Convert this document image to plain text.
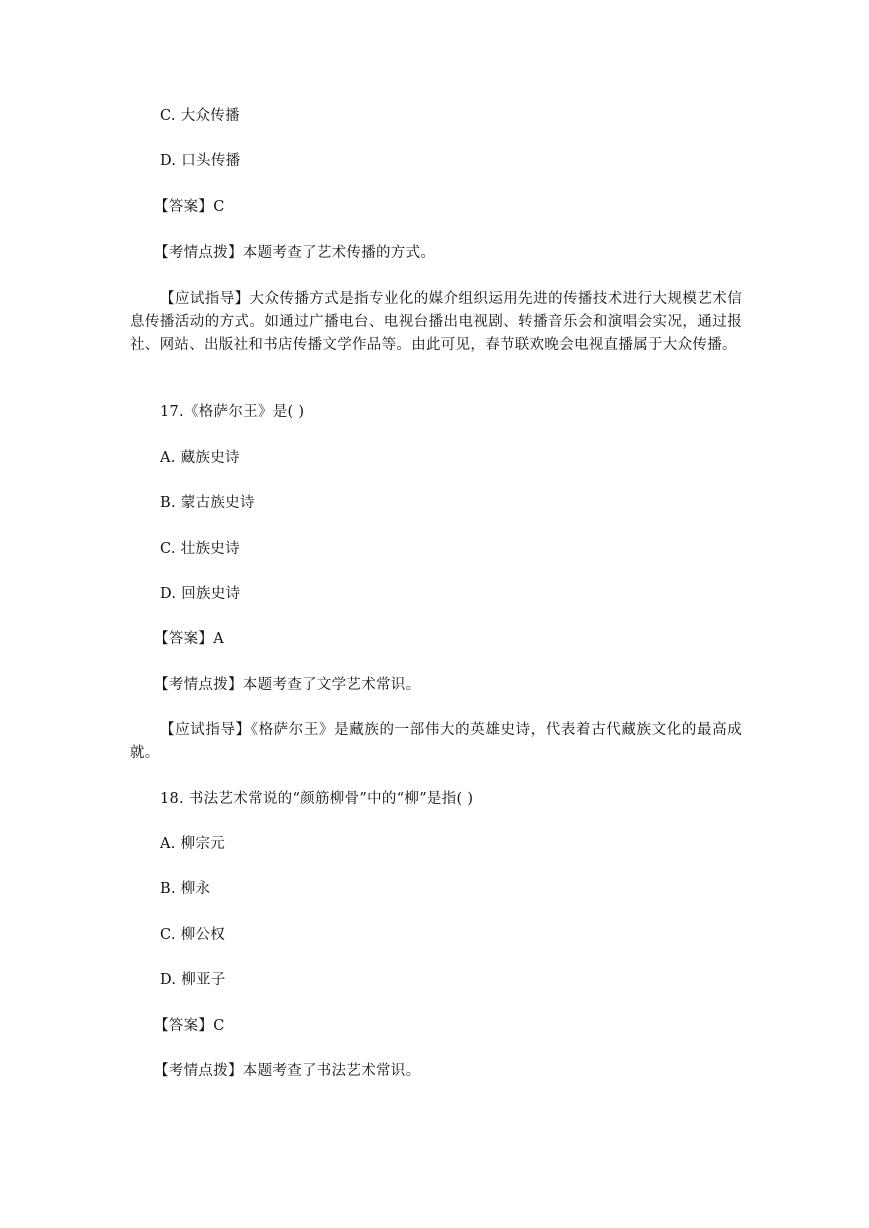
C. 大众传播
D. 口头传播
【答案】C
【考情点拨】本题考查了艺术传播的方式。
【应试指导】大众传播方式是指专业化的媒介组织运用先进的传播技术进行大规模艺术信息传播活动的方式。如通过广播电台、电视台播出电视剧、转播音乐会和演唱会实况，通过报社、网站、出版社和书店传播文学作品等。由此可见，春节联欢晚会电视直播属于大众传播。
17.《格萨尔王》是( )
A. 藏族史诗
B. 蒙古族史诗
C. 壮族史诗
D. 回族史诗
【答案】A
【考情点拨】本题考查了文学艺术常识。
【应试指导】《格萨尔王》是藏族的一部伟大的英雄史诗，代表着古代藏族文化的最高成就。
18. 书法艺术常说的“颜筋柳骨”中的“柳”是指( )
A. 柳宗元
B. 柳永
C. 柳公权
D. 柳亚子
【答案】C
【考情点拨】本题考查了书法艺术常识。
